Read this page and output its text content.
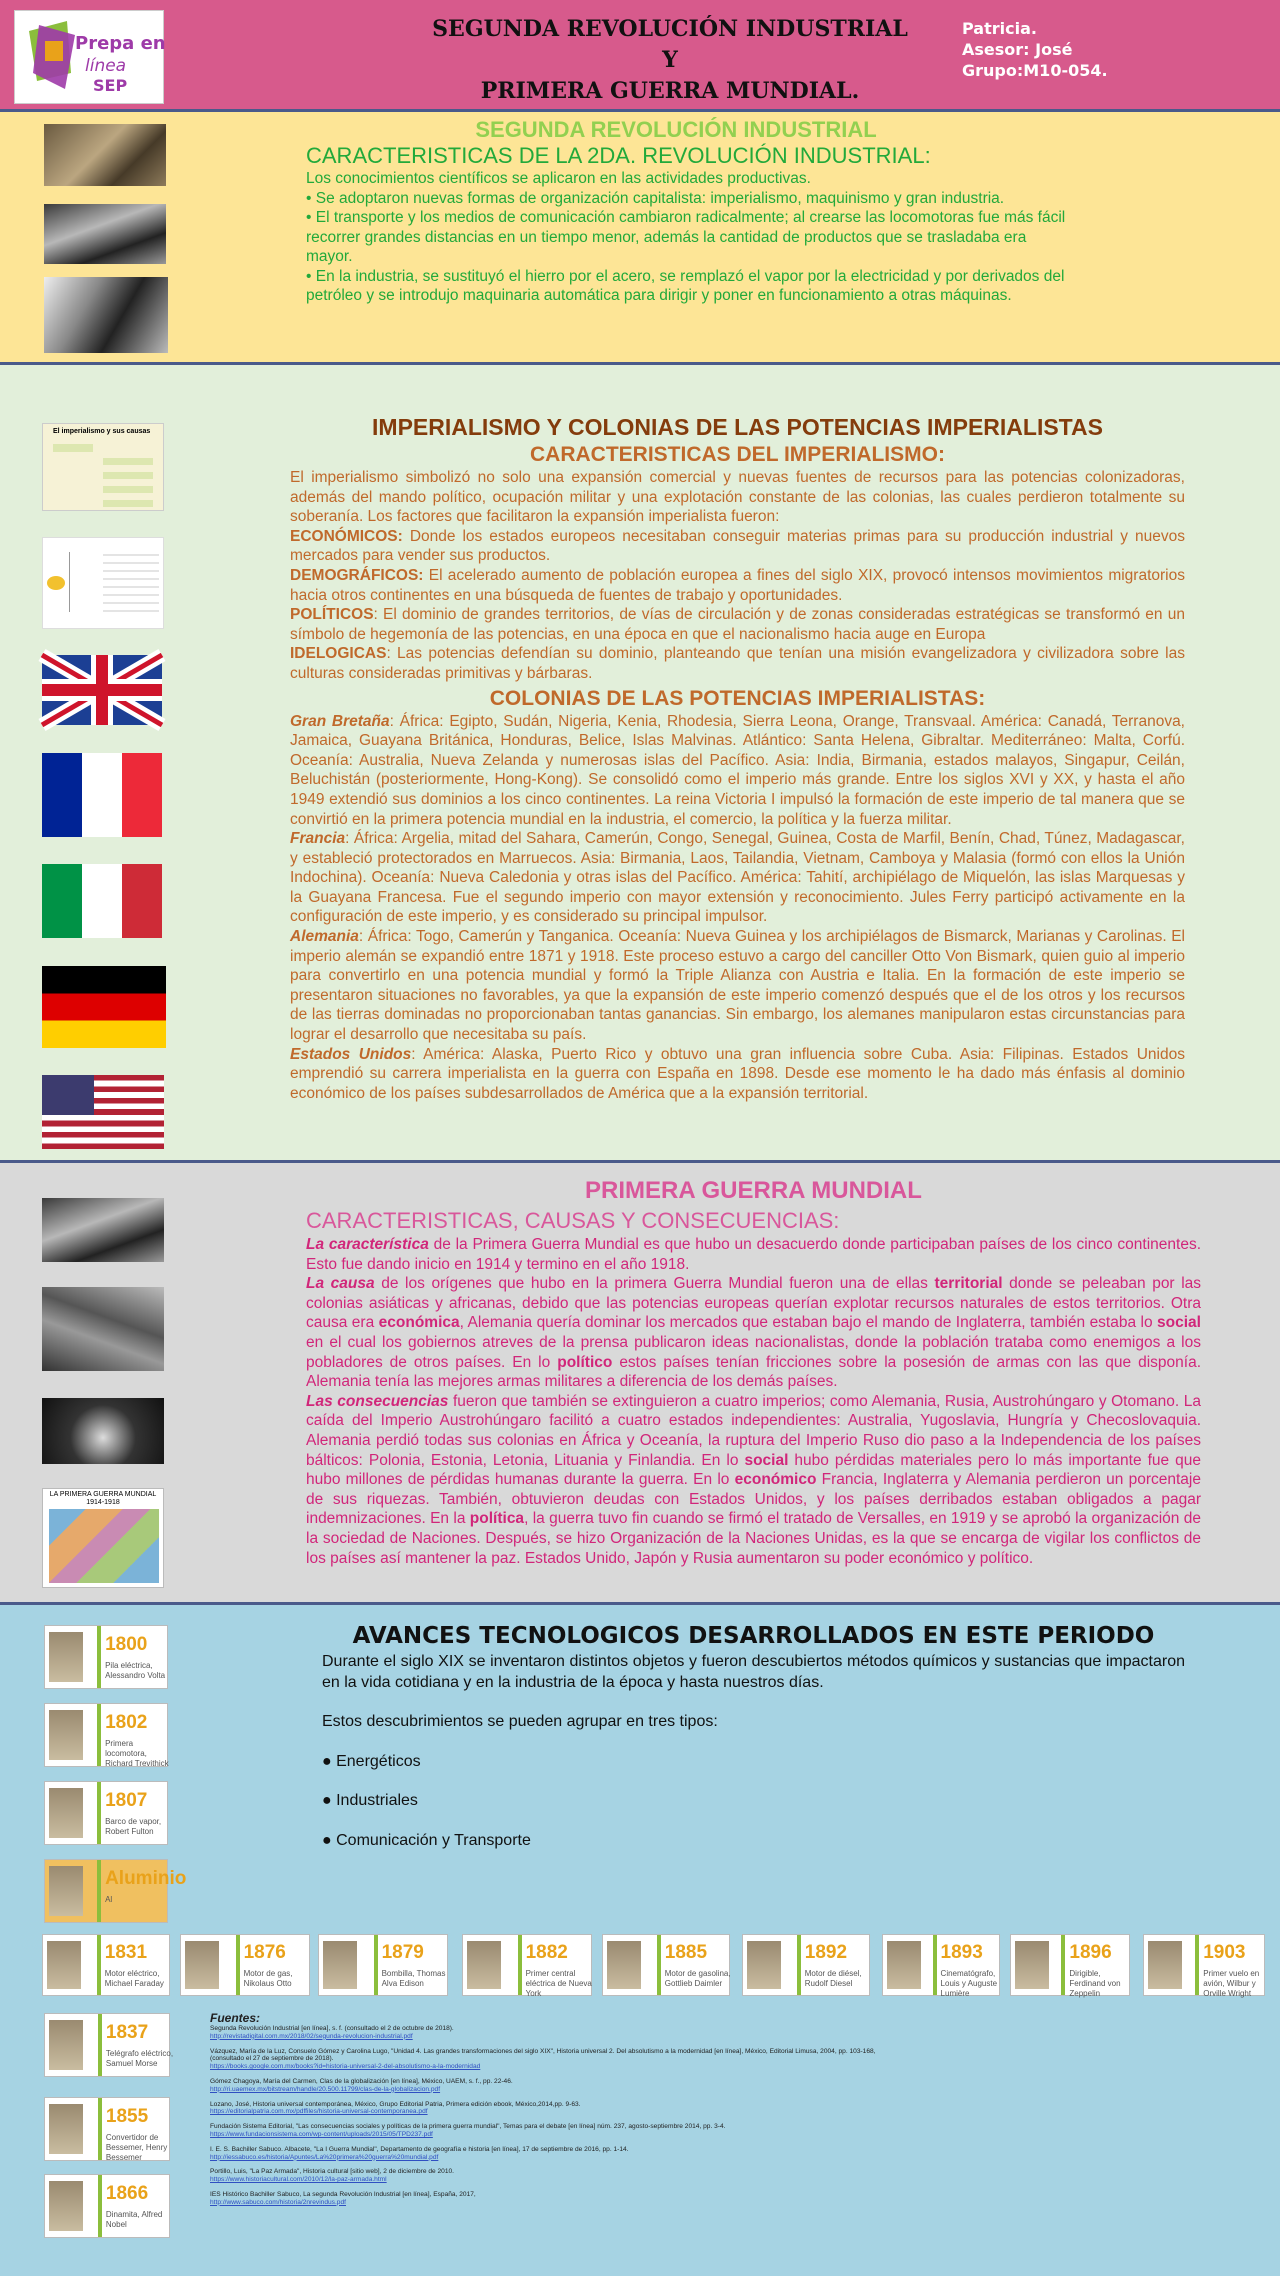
Prepa en
línea
SEP
SEGUNDA REVOLUCIÓN INDUSTRIAL
Y
PRIMERA GUERRA MUNDIAL.
Patricia.
Asesor: José
Grupo:M10-054.
SEGUNDA REVOLUCIÓN INDUSTRIAL
CARACTERISTICAS DE LA 2DA. REVOLUCIÓN INDUSTRIAL:

Los conocimientos científicos se aplicaron en las actividades productivas.

• Se adoptaron nuevas formas de organización capitalista: imperialismo, maquinismo y gran industria.

• El transporte y los medios de comunicación cambiaron radicalmente; al crearse las locomotoras fue más fácil recorrer grandes distancias en un tiempo menor, además la cantidad de productos que se trasladaba era mayor.

• En la industria, se sustituyó el hierro por el acero, se remplazó el vapor por la electricidad y por derivados del petróleo y se introdujo maquinaria automática para dirigir y poner en funcionamiento a otras máquinas.

El imperialismo y sus causas	IMPERIALISMO Y COLONIAS DE LAS POTENCIAS IMPERIALISTAS

CARACTERISTICAS DEL IMPERIALISMO:

El imperialismo simbolizó no solo una expansión comercial y nuevas fuentes de recursos para las potencias colonizadoras, además del mando político, ocupación militar y una explotación constante de las colonias, las cuales perdieron totalmente su soberanía. Los factores que facilitaron la expansión imperialista fueron:

ECONÓMICOS: Donde los estados europeos necesitaban conseguir materias primas para su producción industrial y nuevos mercados para vender sus productos.

DEMOGRÁFICOS: El acelerado aumento de población europea a fines del siglo XIX, provocó intensos movimientos migratorios hacia otros continentes en una búsqueda de fuentes de trabajo y oportunidades.

POLÍTICOS: El dominio de grandes territorios, de vías de circulación y de zonas consideradas estratégicas se transformó en un símbolo de hegemonía de las potencias, en una época en que el nacionalismo hacia auge en Europa

IDELOGICAS: Las potencias defendían su dominio, planteando que tenían una misión evangelizadora y civilizadora sobre las culturas consideradas primitivas y bárbaras.

COLONIAS DE LAS POTENCIAS IMPERIALISTAS:

Gran Bretaña: África: Egipto, Sudán, Nigeria, Kenia, Rhodesia, Sierra Leona, Orange, Transvaal. América: Canadá, Terranova, Jamaica, Guayana Británica, Honduras, Belice, Islas Malvinas. Atlántico: Santa Helena, Gibraltar. Mediterráneo: Malta, Corfú. Oceanía: Australia, Nueva Zelanda y numerosas islas del Pacífico. Asia: India, Birmania, estados malayos, Singapur, Ceilán, Beluchistán (posteriormente, Hong-Kong). Se consolidó como el imperio más grande. Entre los siglos XVI y XX, y hasta el año 1949 extendió sus dominios a los cinco continentes. La reina Victoria I impulsó la formación de este imperio de tal manera que se convirtió en la primera potencia mundial en la industria, el comercio, la política y la fuerza militar.

Francia: África: Argelia, mitad del Sahara, Camerún, Congo, Senegal, Guinea, Costa de Marfil, Benín, Chad, Túnez, Madagascar, y estableció protectorados en Marruecos. Asia: Birmania, Laos, Tailandia, Vietnam, Camboya y Malasia (formó con ellos la Unión Indochina). Oceanía: Nueva Caledonia y otras islas del Pacífico. América: Tahití, archipiélago de Miquelón, las islas Marquesas y la Guayana Francesa. Fue el segundo imperio con mayor extensión y reconocimiento. Jules Ferry participó activamente en la configuración de este imperio, y es considerado su principal impulsor.

Alemania: África: Togo, Camerún y Tanganica. Oceanía: Nueva Guinea y los archipiélagos de Bismarck, Marianas y Carolinas. El imperio alemán se expandió entre 1871 y 1918. Este proceso estuvo a cargo del canciller Otto Von Bismark, quien guio al imperio para convertirlo en una potencia mundial y formó la Triple Alianza con Austria e Italia. En la formación de este imperio se presentaron situaciones no favorables, ya que la expansión de este imperio comenzó después que el de los otros y los recursos de las tierras dominadas no proporcionaban tantas ganancias. Sin embargo, los alemanes manipularon estas circunstancias para lograr el desarrollo que necesitaba su país.

Estados Unidos: América: Alaska, Puerto Rico y obtuvo una gran influencia sobre Cuba. Asia: Filipinas. Estados Unidos emprendió su carrera imperialista en la guerra con España en 1898. Desde ese momento le ha dado más énfasis al dominio económico de los países subdesarrollados de América que a la expansión territorial.

LA PRIMERA GUERRA MUNDIAL
1914-1918

PRIMERA GUERRA MUNDIAL

CARACTERISTICAS, CAUSAS Y CONSECUENCIAS:

La característica de la Primera Guerra Mundial es que hubo un desacuerdo donde participaban países de los cinco continentes. Esto fue dando inicio en 1914 y termino en el año 1918.

La causa de los orígenes que hubo en la primera Guerra Mundial fueron una de ellas territorial donde se peleaban por las colonias asiáticas y africanas, debido que las potencias europeas querían explotar recursos naturales de estos territorios. Otra causa era económica, Alemania quería dominar los mercados que estaban bajo el mando de Inglaterra, también estaba lo social en el cual los gobiernos atreves de la prensa publicaron ideas nacionalistas, donde la población trataba como enemigos a los pobladores de otros países. En lo político estos países tenían fricciones sobre la posesión de armas con las que disponía. Alemania tenía las mejores armas militares a diferencia de los demás países.

Las consecuencias fueron que también se extinguieron a cuatro imperios; como Alemania, Rusia, Austrohúngaro y Otomano. La caída del Imperio Austrohúngaro facilitó a cuatro estados independientes: Australia, Yugoslavia, Hungría y Checoslovaquia. Alemania perdió todas sus colonias en África y Oceanía, la ruptura del Imperio Ruso dio paso a la Independencia de los países bálticos: Polonia, Estonia, Letonia, Lituania y Finlandia. En lo social hubo pérdidas materiales pero lo más importante fue que hubo millones de pérdidas humanas durante la guerra. En lo económico Francia, Inglaterra y Alemania perdieron un porcentaje de sus riquezas. También, obtuvieron deudas con Estados Unidos, y los países derribados estaban obligados a pagar indemnizaciones. En la política, la guerra tuvo fin cuando se firmó el tratado de Versalles, en 1919 y se aprobó la organización de la sociedad de Naciones. Después, se hizo Organización de la Naciones Unidas, es la que se encarga de vigilar los conflictos de los países así mantener la paz. Estados Unido, Japón y Rusia aumentaron su poder económico y político.

AVANCES TECNOLOGICOS DESARROLLADOS EN ESTE PERIODO

Durante el siglo XIX se inventaron distintos objetos y fueron descubiertos métodos químicos y sustancias que impactaron en la vida cotidiana y en la industria de la época y hasta nuestros días.

Estos descubrimientos se pueden agrupar en tres tipos:

● Energéticos

● Industriales

● Comunicación y Transporte

1800
Pila eléctrica, Alessandro Volta
1802
Primera locomotora, Richard Trevithick
1807
Barco de vapor, Robert Fulton
Aluminio
Al
1831
Motor eléctrico, Michael Faraday
1876
Motor de gas, Nikolaus Otto
1879
Bombilla, Thomas Alva Edison
1882
Primer central eléctrica de Nueva York
1885
Motor de gasolina, Gottlieb Daimler
1892
Motor de diésel, Rudolf Diesel
1893
Cinematógrafo, Louis y Auguste Lumière
1896
Dirigible, Ferdinand von Zeppelin
1903
Primer vuelo en avión, Wilbur y Orville Wright
1837
Telégrafo eléctrico, Samuel Morse
1855
Convertidor de Bessemer, Henry Bessemer
1866
Dinamita, Alfred Nobel
Fuentes:
Segunda Revolución Industrial [en línea], s. f. (consultado el 2 de octubre de 2018).
http://revistadigital.com.mx/2018/02/segunda-revolucion-industrial.pdf
Vázquez, María de la Luz, Consuelo Gómez y Carolina Lugo, "Unidad 4. Las grandes transformaciones del siglo XIX", Historia universal 2. Del absolutismo a la modernidad [en línea], México, Editorial Limusa, 2004, pp. 103-168, (consultado el 27 de septiembre de 2018).
https://books.google.com.mx/books?id=historia-universal-2-del-absolutismo-a-la-modernidad
Gómez Chagoya, María del Carmen, Clas de la globalización [en línea], México, UAEM, s. f., pp. 22-46.
http://ri.uaemex.mx/bitstream/handle/20.500.11799/clas-de-la-globalizacion.pdf
Lozano, José, Historia universal contemporánea, México, Grupo Editorial Patria, Primera edición ebook, México,2014,pp. 9-63.
https://editorialpatria.com.mx/pdffiles/historia-universal-contemporanea.pdf
Fundación Sistema Editorial, "Las consecuencias sociales y políticas de la primera guerra mundial", Temas para el debate [en línea] núm. 237, agosto-septiembre 2014, pp. 3-4.
https://www.fundacionsistema.com/wp-content/uploads/2015/05/TPD237.pdf
I. E. S. Bachiller Sabuco. Albacete, "La I Guerra Mundial", Departamento de geografía e historia [en línea], 17 de septiembre de 2016, pp. 1-14.
http://iessabuco.es/historia/Apuntes/La%20primera%20guerra%20mundial.pdf
Portillo, Luis, "La Paz Armada", Historia cultural [sitio web], 2 de diciembre de 2010.
https://www.historiacultural.com/2010/12/la-paz-armada.html
IES Histórico Bachiller Sabuco, La segunda Revolución Industrial [en línea], España, 2017,
http://www.sabuco.com/historia/2nrevindus.pdf
